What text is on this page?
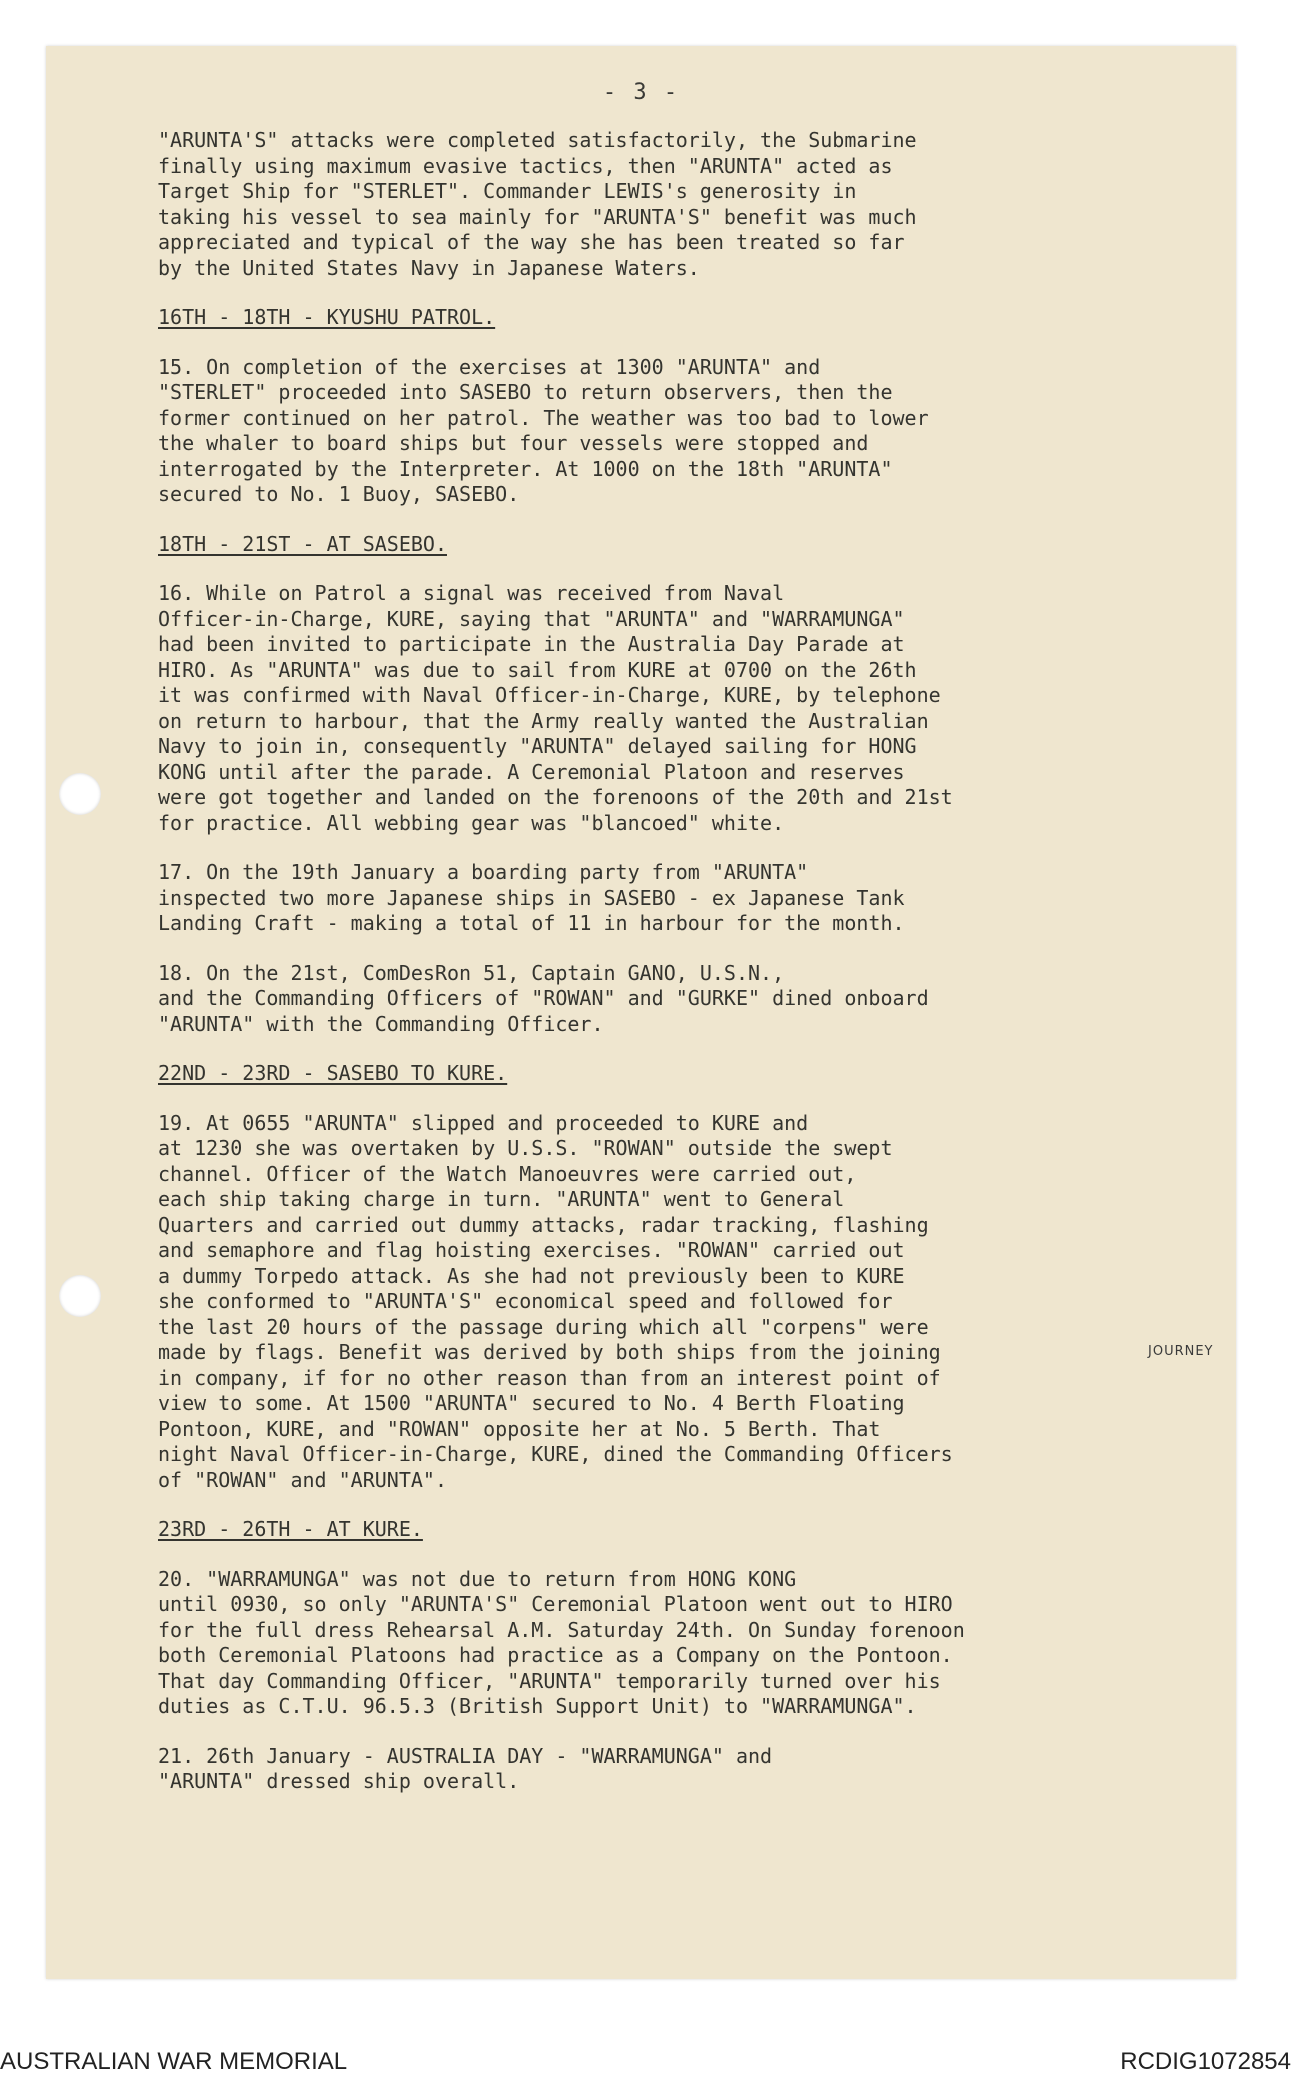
- 3 -
"ARUNTA'S" attacks were completed satisfactorily, the Submarine
finally using maximum evasive tactics, then "ARUNTA" acted as
Target Ship for "STERLET". Commander LEWIS's generosity in
taking his vessel to sea mainly for "ARUNTA'S" benefit was much
appreciated and typical of the way she has been treated so far
by the United States Navy in Japanese Waters.
16TH - 18TH - KYUSHU PATROL.
15. On completion of the exercises at 1300 "ARUNTA" and
"STERLET" proceeded into SASEBO to return observers, then the
former continued on her patrol. The weather was too bad to lower
the whaler to board ships but four vessels were stopped and
interrogated by the Interpreter. At 1000 on the 18th "ARUNTA"
secured to No. 1 Buoy, SASEBO.
18TH - 21ST - AT SASEBO.
16. While on Patrol a signal was received from Naval
Officer-in-Charge, KURE, saying that "ARUNTA" and "WARRAMUNGA"
had been invited to participate in the Australia Day Parade at
HIRO. As "ARUNTA" was due to sail from KURE at 0700 on the 26th
it was confirmed with Naval Officer-in-Charge, KURE, by telephone
on return to harbour, that the Army really wanted the Australian
Navy to join in, consequently "ARUNTA" delayed sailing for HONG
KONG until after the parade. A Ceremonial Platoon and reserves
were got together and landed on the forenoons of the 20th and 21st
for practice. All webbing gear was "blancoed" white.
17. On the 19th January a boarding party from "ARUNTA"
inspected two more Japanese ships in SASEBO - ex Japanese Tank
Landing Craft - making a total of 11 in harbour for the month.
18. On the 21st, ComDesRon 51, Captain GANO, U.S.N.,
and the Commanding Officers of "ROWAN" and "GURKE" dined onboard
"ARUNTA" with the Commanding Officer.
22ND - 23RD - SASEBO TO KURE.
19. At 0655 "ARUNTA" slipped and proceeded to KURE and
at 1230 she was overtaken by U.S.S. "ROWAN" outside the swept
channel. Officer of the Watch Manoeuvres were carried out,
each ship taking charge in turn. "ARUNTA" went to General
Quarters and carried out dummy attacks, radar tracking, flashing
and semaphore and flag hoisting exercises. "ROWAN" carried out
a dummy Torpedo attack. As she had not previously been to KURE
she conformed to "ARUNTA'S" economical speed and followed for
the last 20 hours of the passage during which all "corpens" were
made by flags. Benefit was derived by both ships from the joining
in company, if for no other reason than from an interest point of
view to some. At 1500 "ARUNTA" secured to No. 4 Berth Floating
Pontoon, KURE, and "ROWAN" opposite her at No. 5 Berth. That
night Naval Officer-in-Charge, KURE, dined the Commanding Officers
of "ROWAN" and "ARUNTA".
23RD - 26TH - AT KURE.
20. "WARRAMUNGA" was not due to return from HONG KONG
until 0930, so only "ARUNTA'S" Ceremonial Platoon went out to HIRO
for the full dress Rehearsal A.M. Saturday 24th. On Sunday forenoon
both Ceremonial Platoons had practice as a Company on the Pontoon.
That day Commanding Officer, "ARUNTA" temporarily turned over his
duties as C.T.U. 96.5.3 (British Support Unit) to "WARRAMUNGA".
21. 26th January - AUSTRALIA DAY - "WARRAMUNGA" and
"ARUNTA" dressed ship overall.
JOURNEY
AUSTRALIAN WAR MEMORIAL	RCDIG1072854
